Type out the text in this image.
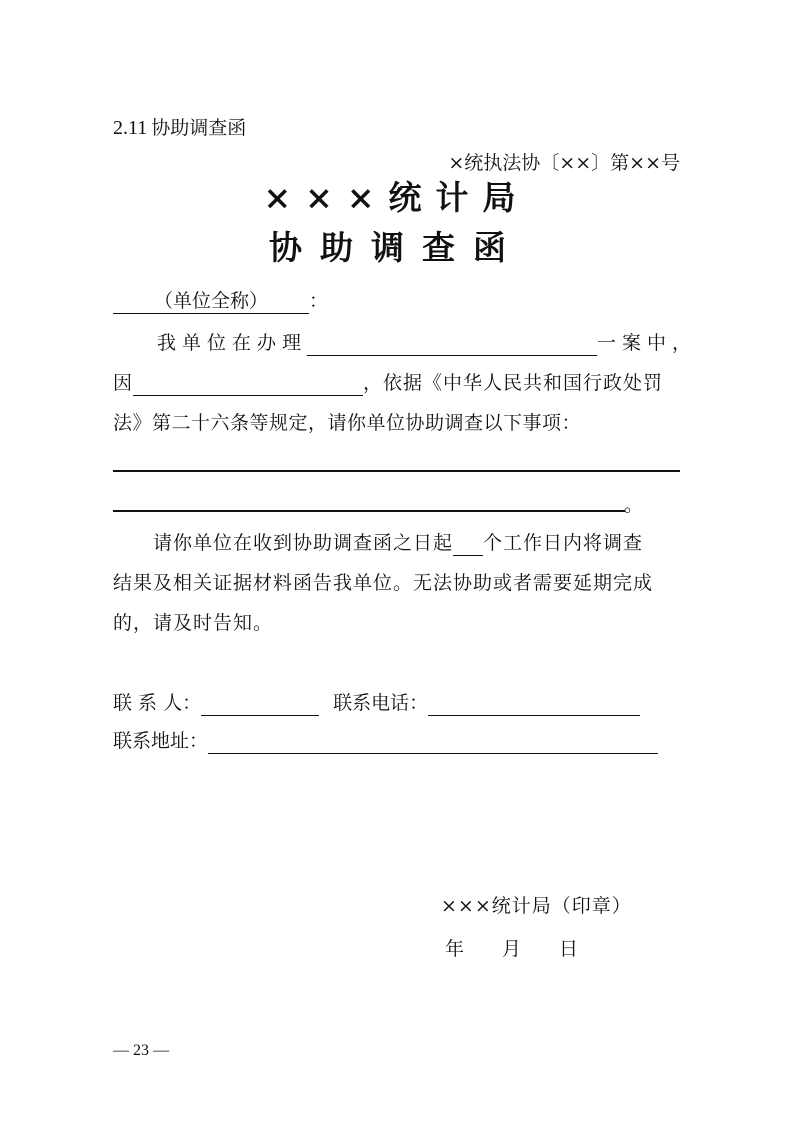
2.11 协助调查函
×统执法协〔××〕第××号
×××统计局
协助调查函
（单位全称） ：
我单位在办理	一案中，
因	，依据《中华人民共和国行政处罚
法》第二十六条等规定，请你单位协助调查以下事项：
。
请你单位在收到协助调查函之日起 个工作日内将调查
结果及相关证据材料函告我单位。无法协助或者需要延期完成
的，请及时告知。
联 系 人：	联系电话：
联系地址：
×××统计局（印章）
年 月 日
— 23 —
